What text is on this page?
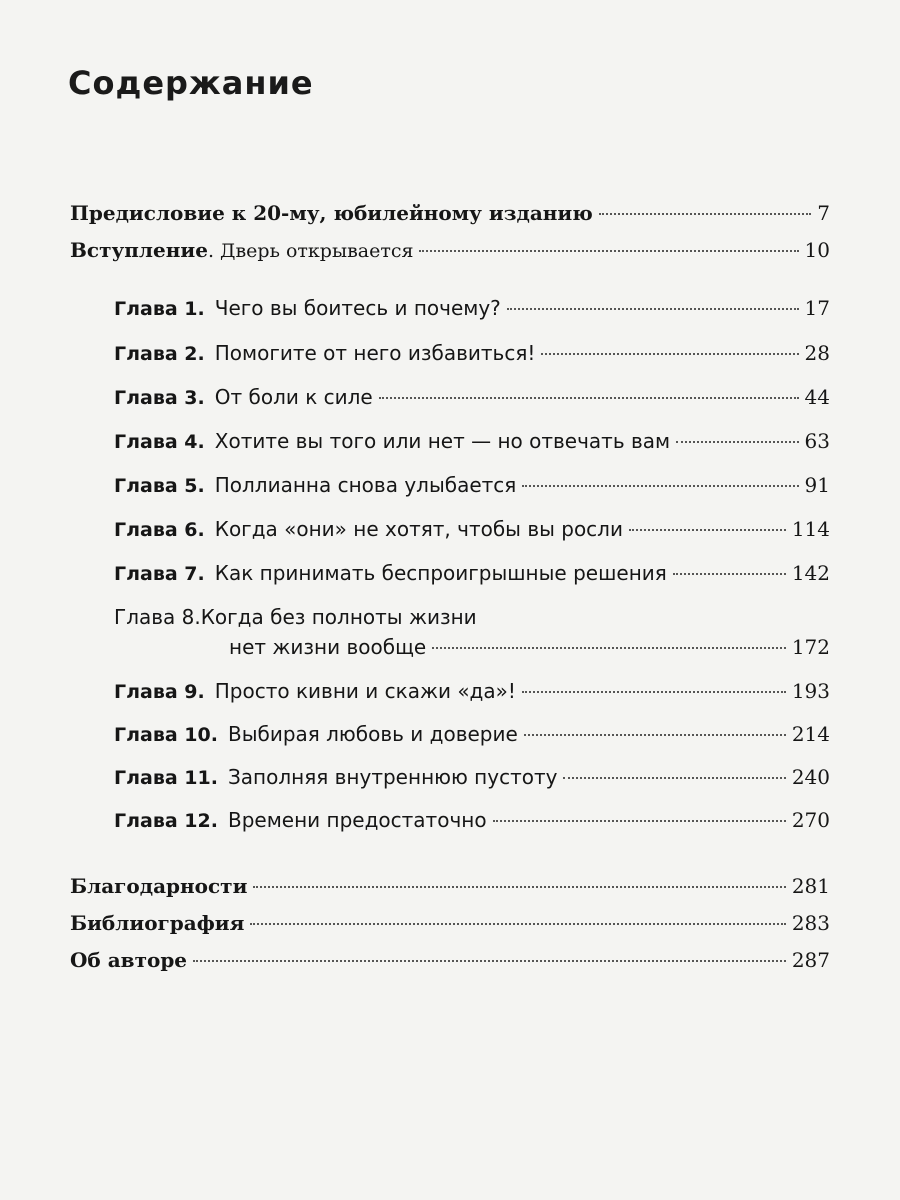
Содержание
Предисловие к 20-му, юбилейному изданию	7
Вступление . Дверь открывается	10
Глава 1. Чего вы боитесь и почему?	17
Глава 2. Помогите от него избавиться!	28
Глава 3. От боли к силе	44
Глава 4. Хотите вы того или нет — но отвечать вам	63
Глава 5. Поллианна снова улыбается	91
Глава 6. Когда «они» не хотят, чтобы вы росли	114
Глава 7. Как принимать беспроигрышные решения	142
Глава 8. Когда без полноты жизни
нет жизни вообще	172
Глава 9. Просто кивни и скажи «да»!	193
Глава 10. Выбирая любовь и доверие	214
Глава 11. Заполняя внутреннюю пустоту	240
Глава 12. Времени предостаточно	270
Благодарности	281
Библиография	283
Об авторе	287
